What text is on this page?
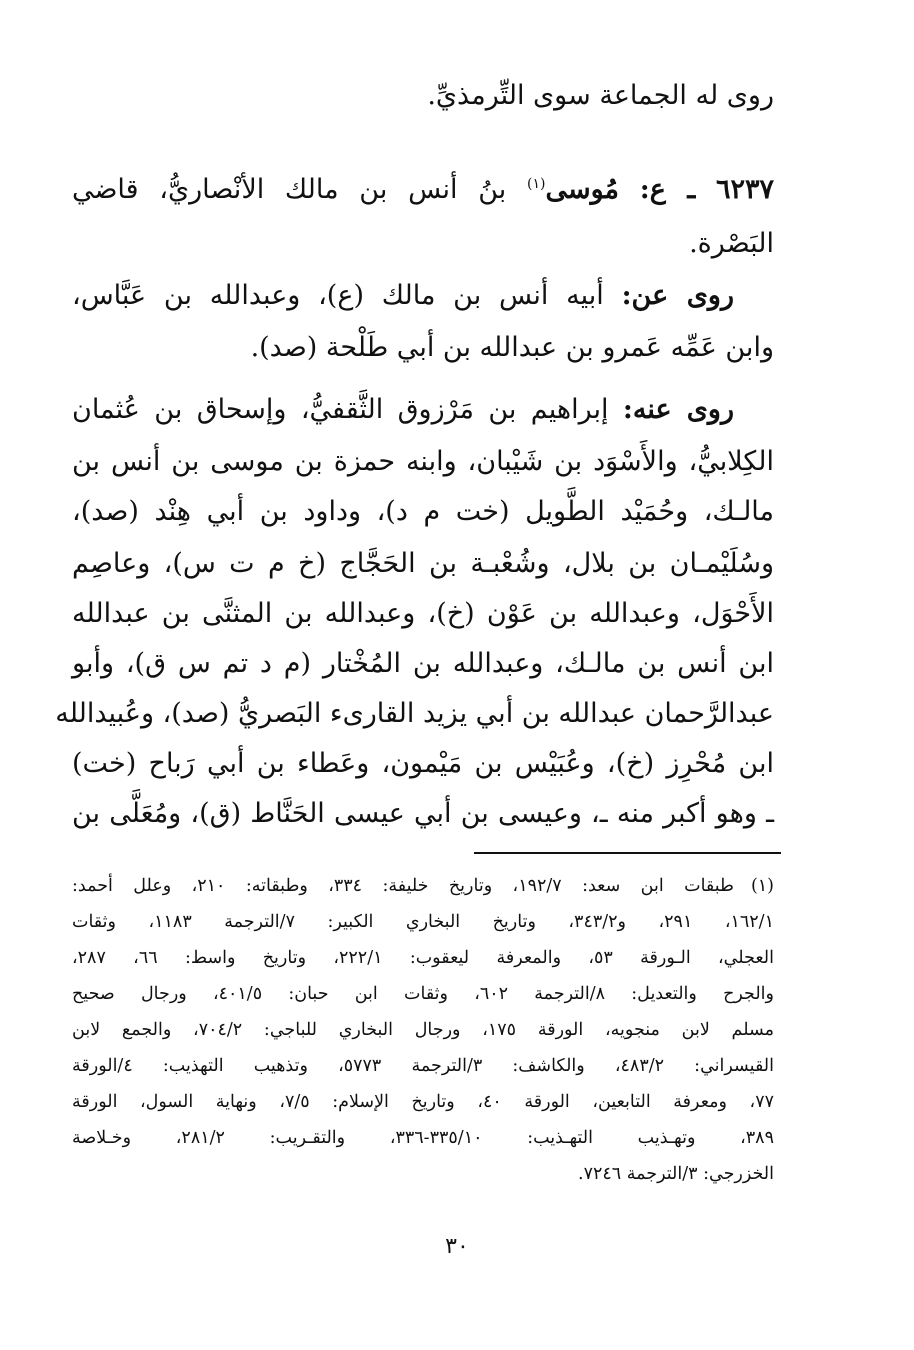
روى له الجماعة سوى التِّرمذيِّ.
٦٢٣٧ ـ ع: مُوسى$^{(١)}$ بنُ أنس بن مالك الأنْصاريُّ، قاضي
البَصْرة.
روى عن: أبيه أنس بن مالك (ع)، وعبدالله بن عَبَّاس،
وابن عَمِّه عَمرو بن عبدالله بن أبي طَلْحة (صد).
روى عنه: إبراهيم بن مَرْزوق الثَّقفيُّ، وإسحاق بن عُثمان
الكِلابيُّ، والأَسْوَد بن شَيْبان، وابنه حمزة بن موسى بن أنس بن
مالـك، وحُمَيْد الطَّويل (خت م د)، وداود بن أبي هِنْد (صد)،
وسُلَيْمـان بن بلال، وشُعْبـة بن الحَجَّاج (خ م ت س)، وعاصِم
الأَحْوَل، وعبدالله بن عَوْن (خ)، وعبدالله بن المثنَّى بن عبدالله
ابن أنس بن مالـك، وعبدالله بن المُخْتار (م د تم س ق)، وأبو
عبدالرَّحمان عبدالله بن أبي يزيد القارىء البَصريُّ (صد)، وعُبيدالله
ابن مُحْرِز (خ)، وعُبَيْس بن مَيْمون، وعَطاء بن أبي رَباح (خت)
ـ وهو أكبر منه ـ، وعيسى بن أبي عيسى الحَنَّاط (ق)، ومُعَلَّى بن
(١)
طبقات ابن سعد: ١٩٢/٧، وتاريخ خليفة: ٣٣٤، وطبقاته: ٢١٠، وعلل أحمد:
١٦٢/١، ٢٩١، و٣٤٣/٢، وتاريخ البخاري الكبير: ٧/الترجمة ١١٨٣، وثقات
العجلي، الـورقة ٥٣، والمعرفة ليعقوب: ٢٢٢/١، وتاريخ واسط: ٦٦، ٢٨٧،
والجرح والتعديل: ٨/الترجمة ٦٠٢، وثقات ابن حبان: ٤٠١/٥، ورجال صحيح
مسلم لابن منجويه، الورقة ١٧٥، ورجال البخاري للباجي: ٧٠٤/٢، والجمع لابن
القيسراني: ٤٨٣/٢، والكاشف: ٣/الترجمة ٥٧٧٣، وتذهيب التهذيب: ٤/الورقة
٧٧، ومعرفة التابعين، الورقة ٤٠، وتاريخ الإسلام: ٧/٥، ونهاية السول، الورقة
٣٨٩، وتهـذيب التهـذيب: ٣٣٥/١٠-٣٣٦، والتقـريب: ٢٨١/٢، وخـلاصة
الخزرجي: ٣/الترجمة ٧٢٤٦.
٣٠
